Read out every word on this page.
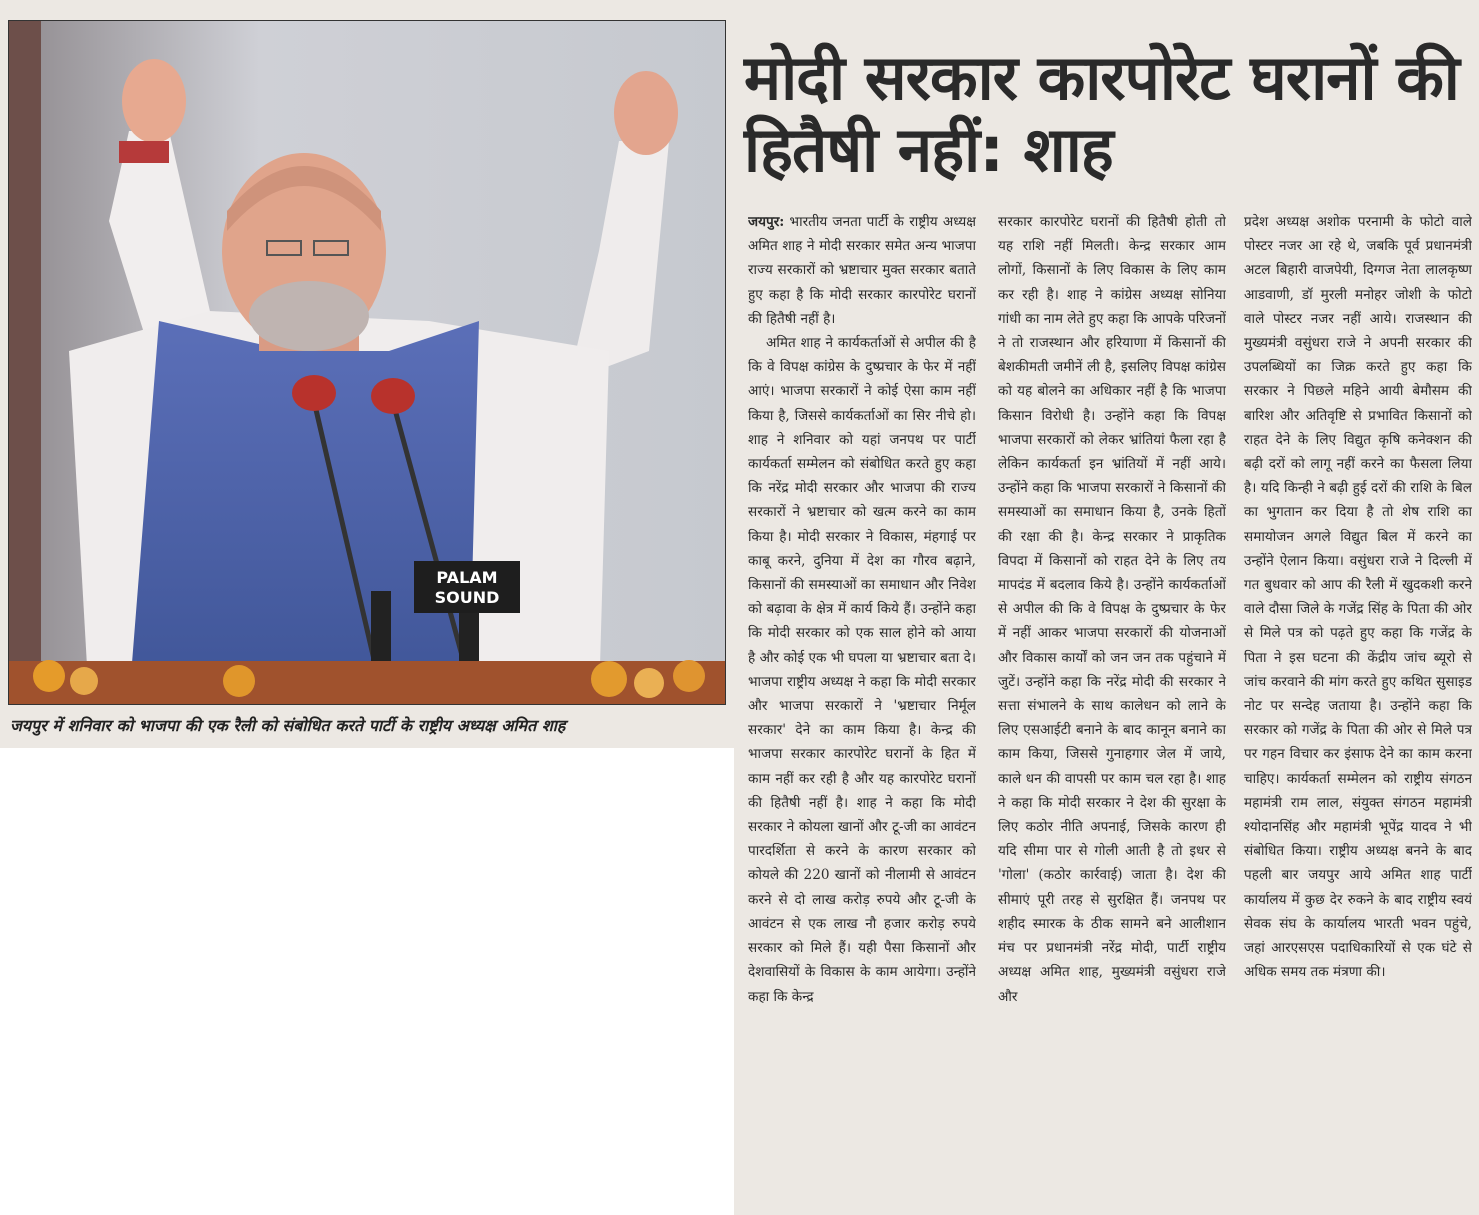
PALAM
SOUND
जयपुर में शनिवार को भाजपा की एक रैली को संबोधित करते पार्टी के राष्ट्रीय अध्यक्ष अमित शाह
मोदी सरकार कारपोरेट घरानों की हितैषी नहीं: शाह

जयपुर: भारतीय जनता पार्टी के राष्ट्रीय अध्यक्ष अमित शाह ने मोदी सरकार समेत अन्य भाजपा राज्य सरकारों को भ्रष्टाचार मुक्त सरकार बताते हुए कहा है कि मोदी सरकार कारपोरेट घरानों की हितैषी नहीं है।

अमित शाह ने कार्यकर्ताओं से अपील की है कि वे विपक्ष कांग्रेस के दुष्प्रचार के फेर में नहीं आएं। भाजपा सरकारों ने कोई ऐसा काम नहीं किया है, जिससे कार्यकर्ताओं का सिर नीचे हो। शाह ने शनिवार को यहां जनपथ पर पार्टी कार्यकर्ता सम्मेलन को संबोधित करते हुए कहा कि नरेंद्र मोदी सरकार और भाजपा की राज्य सरकारों ने भ्रष्टाचार को खत्म करने का काम किया है। मोदी सरकार ने विकास, मंहगाई पर काबू करने, दुनिया में देश का गौरव बढ़ाने, किसानों की समस्याओं का समाधान और निवेश को बढ़ावा के क्षेत्र में कार्य किये हैं। उन्होंने कहा कि मोदी सरकार को एक साल होने को आया है और कोई एक भी घपला या भ्रष्टाचार बता दे। भाजपा राष्ट्रीय अध्यक्ष ने कहा कि मोदी सरकार और भाजपा सरकारों ने 'भ्रष्टाचार निर्मूल सरकार' देने का काम किया है। केन्द्र की भाजपा सरकार कारपोरेट घरानों के हित में काम नहीं कर रही है और यह कारपोरेट घरानों की हितैषी नहीं है। शाह ने कहा कि मोदी सरकार ने कोयला खानों और टू-जी का आवंटन पारदर्शिता से करने के कारण सरकार को कोयले की 220 खानों को नीलामी से आवंटन करने से दो लाख करोड़ रुपये और टू-जी के आवंटन से एक लाख नौ हजार करोड़ रुपये सरकार को मिले हैं। यही पैसा किसानों और देशवासियों के विकास के काम आयेगा। उन्होंने कहा कि केन्द्र

सरकार कारपोरेट घरानों की हितैषी होती तो यह राशि नहीं मिलती। केन्द्र सरकार आम लोगों, किसानों के लिए विकास के लिए काम कर रही है। शाह ने कांग्रेस अध्यक्ष सोनिया गांधी का नाम लेते हुए कहा कि आपके परिजनों ने तो राजस्थान और हरियाणा में किसानों की बेशकीमती जमीनें ली है, इसलिए विपक्ष कांग्रेस को यह बोलने का अधिकार नहीं है कि भाजपा किसान विरोधी है। उन्होंने कहा कि विपक्ष भाजपा सरकारों को लेकर भ्रांतियां फैला रहा है लेकिन कार्यकर्ता इन भ्रांतियों में नहीं आये। उन्होंने कहा कि भाजपा सरकारों ने किसानों की समस्याओं का समाधान किया है, उनके हितों की रक्षा की है। केन्द्र सरकार ने प्राकृतिक विपदा में किसानों को राहत देने के लिए तय मापदंड में बदलाव किये है। उन्होंने कार्यकर्ताओं से अपील की कि वे विपक्ष के दुष्प्रचार के फेर में नहीं आकर भाजपा सरकारों की योजनाओं और विकास कार्यों को जन जन तक पहुंचाने में जुटें। उन्होंने कहा कि नरेंद्र मोदी की सरकार ने सत्ता संभालने के साथ कालेधन को लाने के लिए एसआईटी बनाने के बाद कानून बनाने का काम किया, जिससे गुनाहगार जेल में जाये, काले धन की वापसी पर काम चल रहा है। शाह ने कहा कि मोदी सरकार ने देश की सुरक्षा के लिए कठोर नीति अपनाई, जिसके कारण ही यदि सीमा पार से गोली आती है तो इधर से 'गोला' (कठोर कार्रवाई) जाता है। देश की सीमाएं पूरी तरह से सुरक्षित हैं। जनपथ पर शहीद स्मारक के ठीक सामने बने आलीशान मंच पर प्रधानमंत्री नरेंद्र मोदी, पार्टी राष्ट्रीय अध्यक्ष अमित शाह, मुख्यमंत्री वसुंधरा राजे और

प्रदेश अध्यक्ष अशोक परनामी के फोटो वाले पोस्टर नजर आ रहे थे, जबकि पूर्व प्रधानमंत्री अटल बिहारी वाजपेयी, दिग्गज नेता लालकृष्ण आडवाणी, डॉ मुरली मनोहर जोशी के फोटो वाले पोस्टर नजर नहीं आये। राजस्थान की मुख्यमंत्री वसुंधरा राजे ने अपनी सरकार की उपलब्धियों का जिक्र करते हुए कहा कि सरकार ने पिछले महिने आयी बेमौसम की बारिश और अतिवृष्टि से प्रभावित किसानों को राहत देने के लिए विद्युत कृषि कनेक्शन की बढ़ी दरों को लागू नहीं करने का फैसला लिया है। यदि किन्ही ने बढ़ी हुई दरों की राशि के बिल का भुगतान कर दिया है तो शेष राशि का समायोजन अगले विद्युत बिल में करने का उन्होंने ऐलान किया। वसुंधरा राजे ने दिल्ली में गत बुधवार को आप की रैली में खुदकशी करने वाले दौसा जिले के गजेंद्र सिंह के पिता की ओर से मिले पत्र को पढ़ते हुए कहा कि गजेंद्र के पिता ने इस घटना की केंद्रीय जांच ब्यूरो से जांच करवाने की मांग करते हुए कथित सुसाइड नोट पर सन्देह जताया है। उन्होंने कहा कि सरकार को गजेंद्र के पिता की ओर से मिले पत्र पर गहन विचार कर इंसाफ देने का काम करना चाहिए। कार्यकर्ता सम्मेलन को राष्ट्रीय संगठन महामंत्री राम लाल, संयुक्त संगठन महामंत्री श्योदानसिंह और महामंत्री भूपेंद्र यादव ने भी संबोधित किया। राष्ट्रीय अध्यक्ष बनने के बाद पहली बार जयपुर आये अमित शाह पार्टी कार्यालय में कुछ देर रुकने के बाद राष्ट्रीय स्वयं सेवक संघ के कार्यालय भारती भवन पहुंचे, जहां आरएसएस पदाधिकारियों से एक घंटे से अधिक समय तक मंत्रणा की।
